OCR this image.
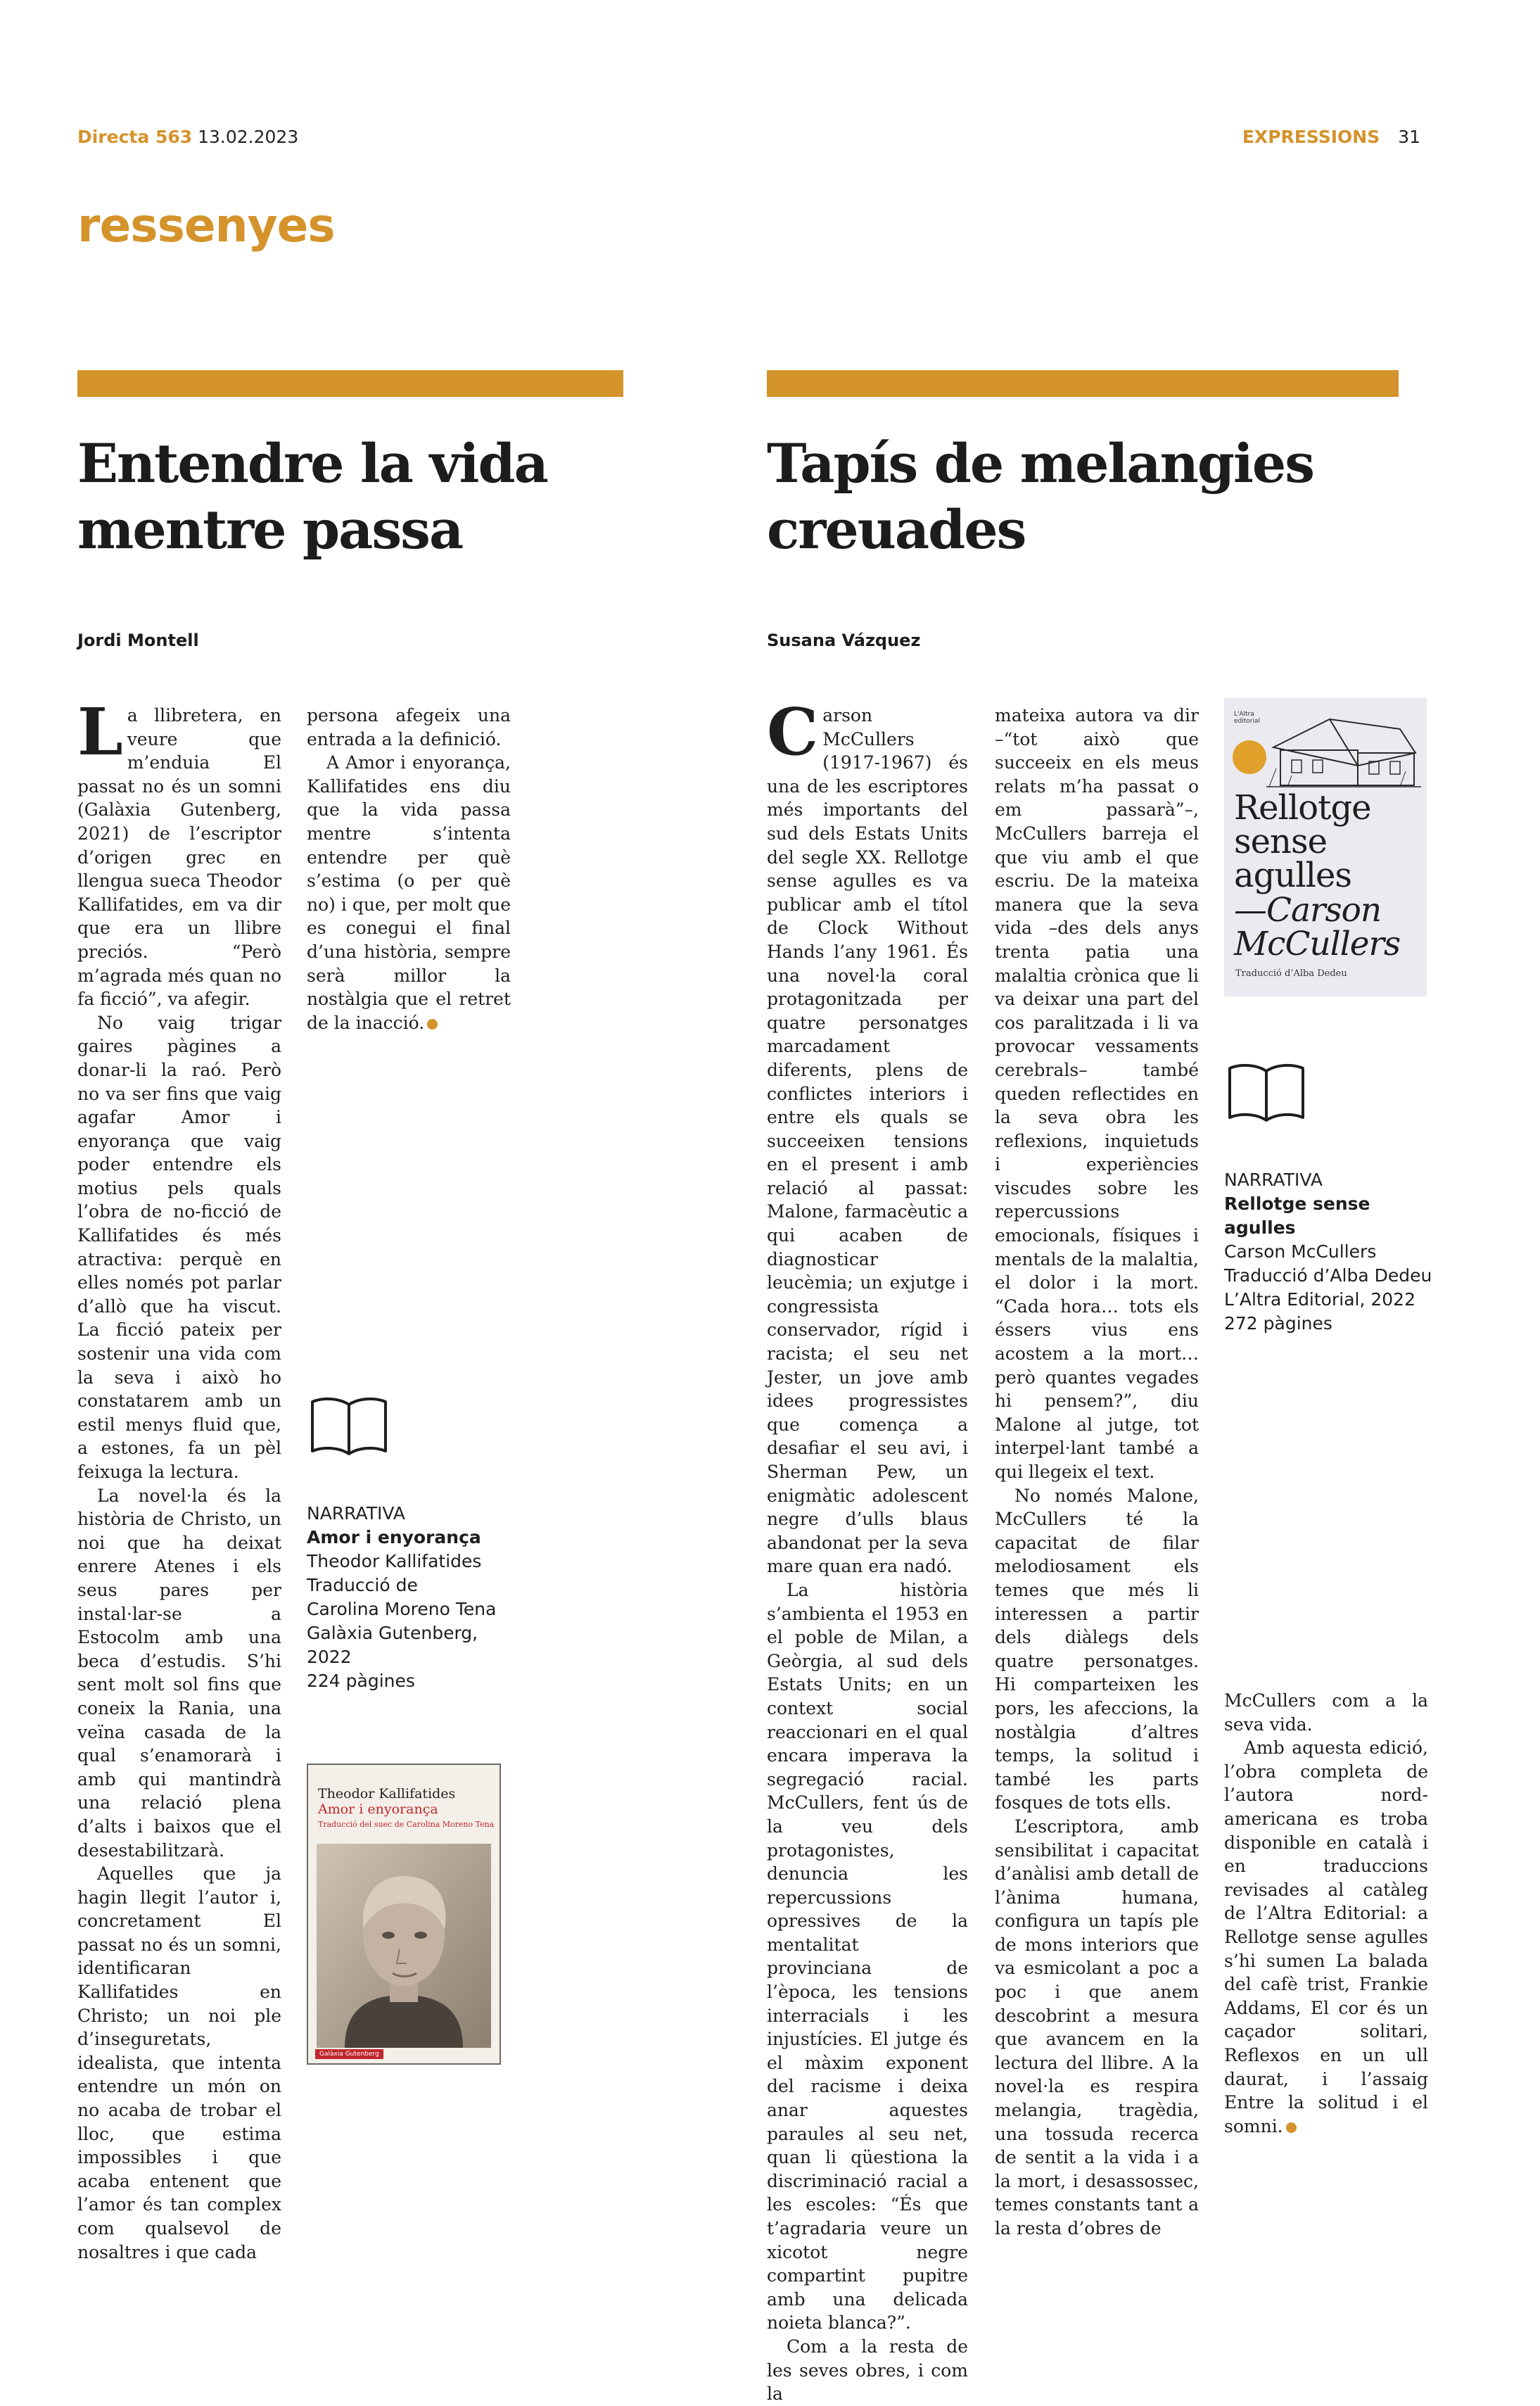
Directa 563 13.02.2023	EXPRESSIONS 31
ressenyes
Entendre la vida
mentre passa
Jordi Montell

La llibretera, en veure que m’enduia El passat no és un somni (Galàxia Gutenberg, 2021) de l’escriptor d’origen grec en llengua sueca Theodor Kallifatides, em va dir que era un llibre preciós. “Però m’agrada més quan no fa ficció”, va afegir.

No vaig trigar gaires pàgines a donar-li la raó. Però no va ser fins que vaig agafar Amor i enyorança que vaig poder entendre els motius pels quals l’obra de no-ficció de Kallifatides és més atractiva: perquè en elles només pot parlar d’allò que ha viscut. La ficció pateix per sostenir una vida com la seva i això ho constatarem amb un estil menys fluid que, a estones, fa un pèl feixuga la lectura.

La novel·la és la història de Christo, un noi que ha deixat enrere Atenes i els seus pares per instal·lar-se a Estocolm amb una beca d’estudis. S’hi sent molt sol fins que coneix la Rania, una veïna casada de la qual s’enamorarà i amb qui mantindrà una relació plena d’alts i baixos que el desestabilitzarà.

Aquelles que ja hagin llegit l’autor i, concretament El passat no és un somni, identificaran Kallifatides en Christo; un noi ple d’inseguretats, idealista, que intenta entendre un món on no acaba de trobar el lloc, que estima impossibles i que acaba entenent que l’amor és tan complex com qualsevol de nosaltres i que cada

persona afegeix una entrada a la definició.

A Amor i enyorança, Kallifatides ens diu que la vida passa mentre s’intenta entendre per què s’estima (o per què no) i que, per molt que es conegui el final d’una història, sempre serà millor la nostàlgia que el retret de la inacció.

NARRATIVA
Amor i enyorança
Theodor Kallifatides
Traducció de
Carolina Moreno Tena
Galàxia Gutenberg,
2022
224 pàgines
Theodor Kallifatides
Amor i enyorança
Traducció del suec de Carolina Moreno Tena
Galàxia Gutenberg
Tapís de melangies
creuades
Susana Vázquez

Carson McCullers (1917-1967) és una de les escriptores més importants del sud dels Estats Units del segle XX. Rellotge sense agulles es va publicar amb el títol de Clock Without Hands l’any 1961. És una novel·la coral protagonitzada per quatre personatges marcadament diferents, plens de conflictes interiors i entre els quals se succeeixen tensions en el present i amb relació al passat: Malone, farmacèutic a qui acaben de diagnosticar leucèmia; un exjutge i congressista conservador, rígid i racista; el seu net Jester, un jove amb idees progressistes que comença a desafiar el seu avi, i Sherman Pew, un enigmàtic adolescent negre d’ulls blaus abandonat per la seva mare quan era nadó.

La història s’ambienta el 1953 en el poble de Milan, a Geòrgia, al sud dels Estats Units; en un context social reaccionari en el qual encara imperava la segregació racial. McCullers, fent ús de la veu dels protagonistes, denuncia les repercussions opressives de la mentalitat provinciana de l’època, les tensions interracials i les injustícies. El jutge és el màxim exponent del racisme i deixa anar aquestes paraules al seu net, quan li qüestiona la discriminació racial a les escoles: “És que t’agradaria veure un xicotot negre compartint pupitre amb una delicada noieta blanca?”.

Com a la resta de les seves obres, i com la

mateixa autora va dir –“tot això que succeeix en els meus relats m’ha passat o em passarà”–, McCullers barreja el que viu amb el que escriu. De la mateixa manera que la seva vida –des dels anys trenta patia una malaltia crònica que li va deixar una part del cos paralitzada i li va provocar vessaments cerebrals– també queden reflectides en la seva obra les reflexions, inquietuds i experiències viscudes sobre les repercussions emocionals, físiques i mentals de la malaltia, el dolor i la mort. “Cada hora… tots els éssers vius ens acostem a la mort… però quantes vegades hi pensem?”, diu Malone al jutge, tot interpel·lant també a qui llegeix el text.

No només Malone, McCullers té la capacitat de filar melodiosament els temes que més li interessen a partir dels diàlegs dels quatre personatges. Hi comparteixen les pors, les afeccions, la nostàlgia d’altres temps, la solitud i també les parts fosques de tots ells.

L’escriptora, amb sensibilitat i capacitat d’anàlisi amb detall de l’ànima humana, configura un tapís ple de mons interiors que va esmicolant a poc a poc i que anem descobrint a mesura que avancem en la lectura del llibre. A la novel·la es respira melangia, tragèdia, una tossuda recerca de sentit a la vida i a la mort, i desassossec, temes constants tant a la resta d’obres de

McCullers com a la seva vida.

Amb aquesta edició, l’obra completa de l’autora nord-americana es troba disponible en català i en traduccions revisades al catàleg de l’Altra Editorial: a Rellotge sense agulles s’hi sumen La balada del cafè trist, Frankie Addams, El cor és un caçador solitari, Reflexos en un ull daurat, i l’assaig Entre la solitud i el somni.

L'Altra
editorial
Rellotge
sense
agulles
—Carson
McCullers
Traducció d’Alba Dedeu
NARRATIVA
Rellotge sense agulles
Carson McCullers
Traducció d’Alba Dedeu
L’Altra Editorial, 2022
272 pàgines
